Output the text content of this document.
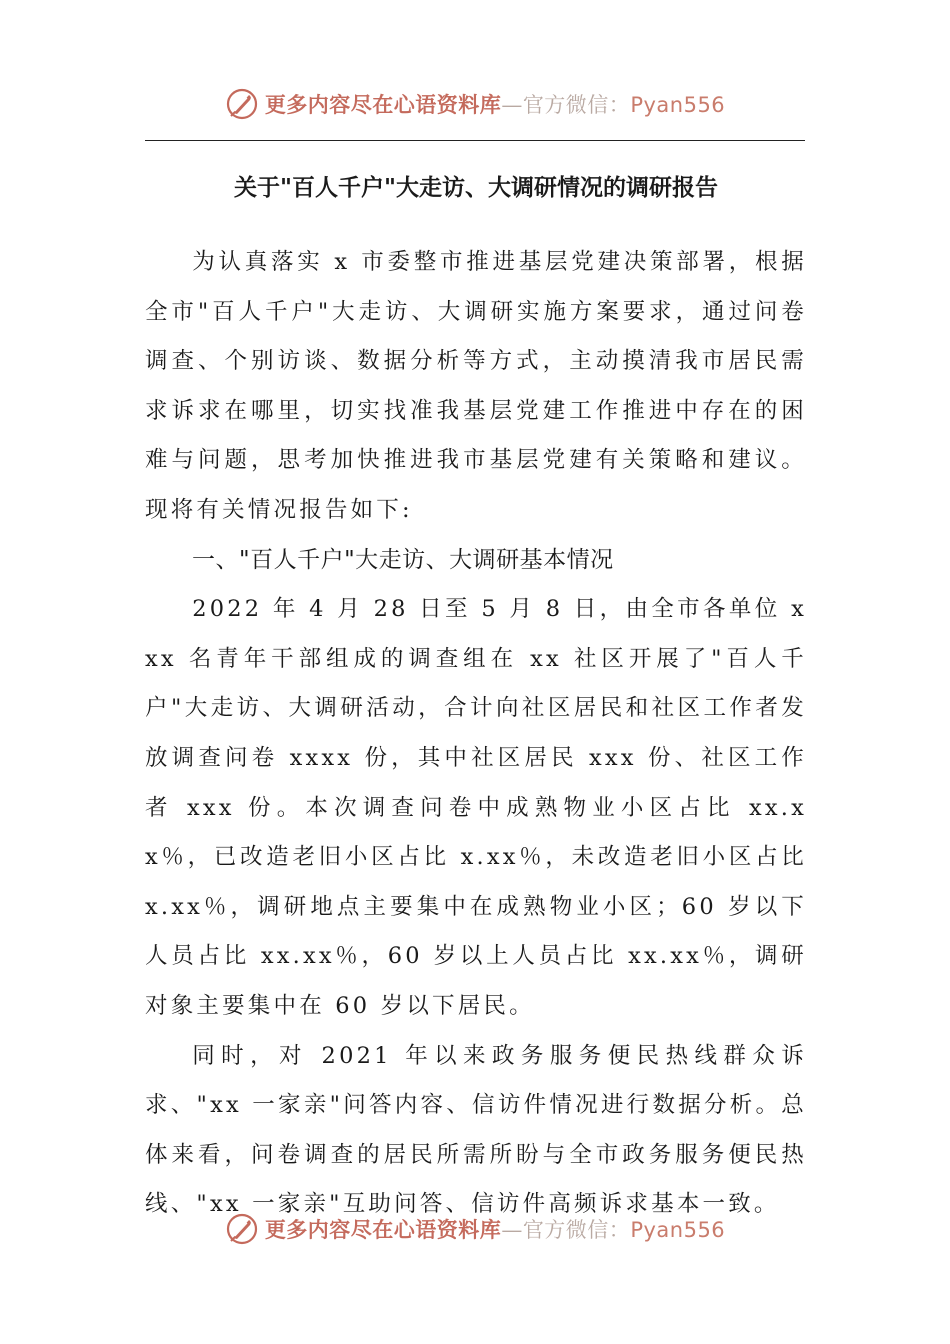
更多内容尽在心语资料库—官方微信：Pyan556
关于"百人千户"大走访、大调研情况的调研报告

为认真落实 x 市委整市推进基层党建决策部署，根据全市"百人千户"大走访、大调研实施方案要求，通过问卷调查、个别访谈、数据分析等方式，主动摸清我市居民需求诉求在哪里，切实找准我基层党建工作推进中存在的困难与问题，思考加快推进我市基层党建有关策略和建议。现将有关情况报告如下:

一、"百人千户"大走访、大调研基本情况

2022 年 4 月 28 日至 5 月 8 日，由全市各单位 xxx 名青年干部组成的调查组在 xx 社区开展了"百人千户"大走访、大调研活动，合计向社区居民和社区工作者发放调查问卷 xxxx 份，其中社区居民 xxx 份、社区工作者 xxx 份。本次调查问卷中成熟物业小区占比 xx.xx％，已改造老旧小区占比 x.xx％，未改造老旧小区占比 x.xx％，调研地点主要集中在成熟物业小区；60 岁以下人员占比 xx.xx％，60 岁以上人员占比 xx.xx％，调研对象主要集中在 60 岁以下居民。

同时，对 2021 年以来政务服务便民热线群众诉求、"xx 一家亲"问答内容、信访件情况进行数据分析。总体来看，问卷调查的居民所需所盼与全市政务服务便民热线、"xx 一家亲"互助问答、信访件高频诉求基本一致。

更多内容尽在心语资料库—官方微信：Pyan556
